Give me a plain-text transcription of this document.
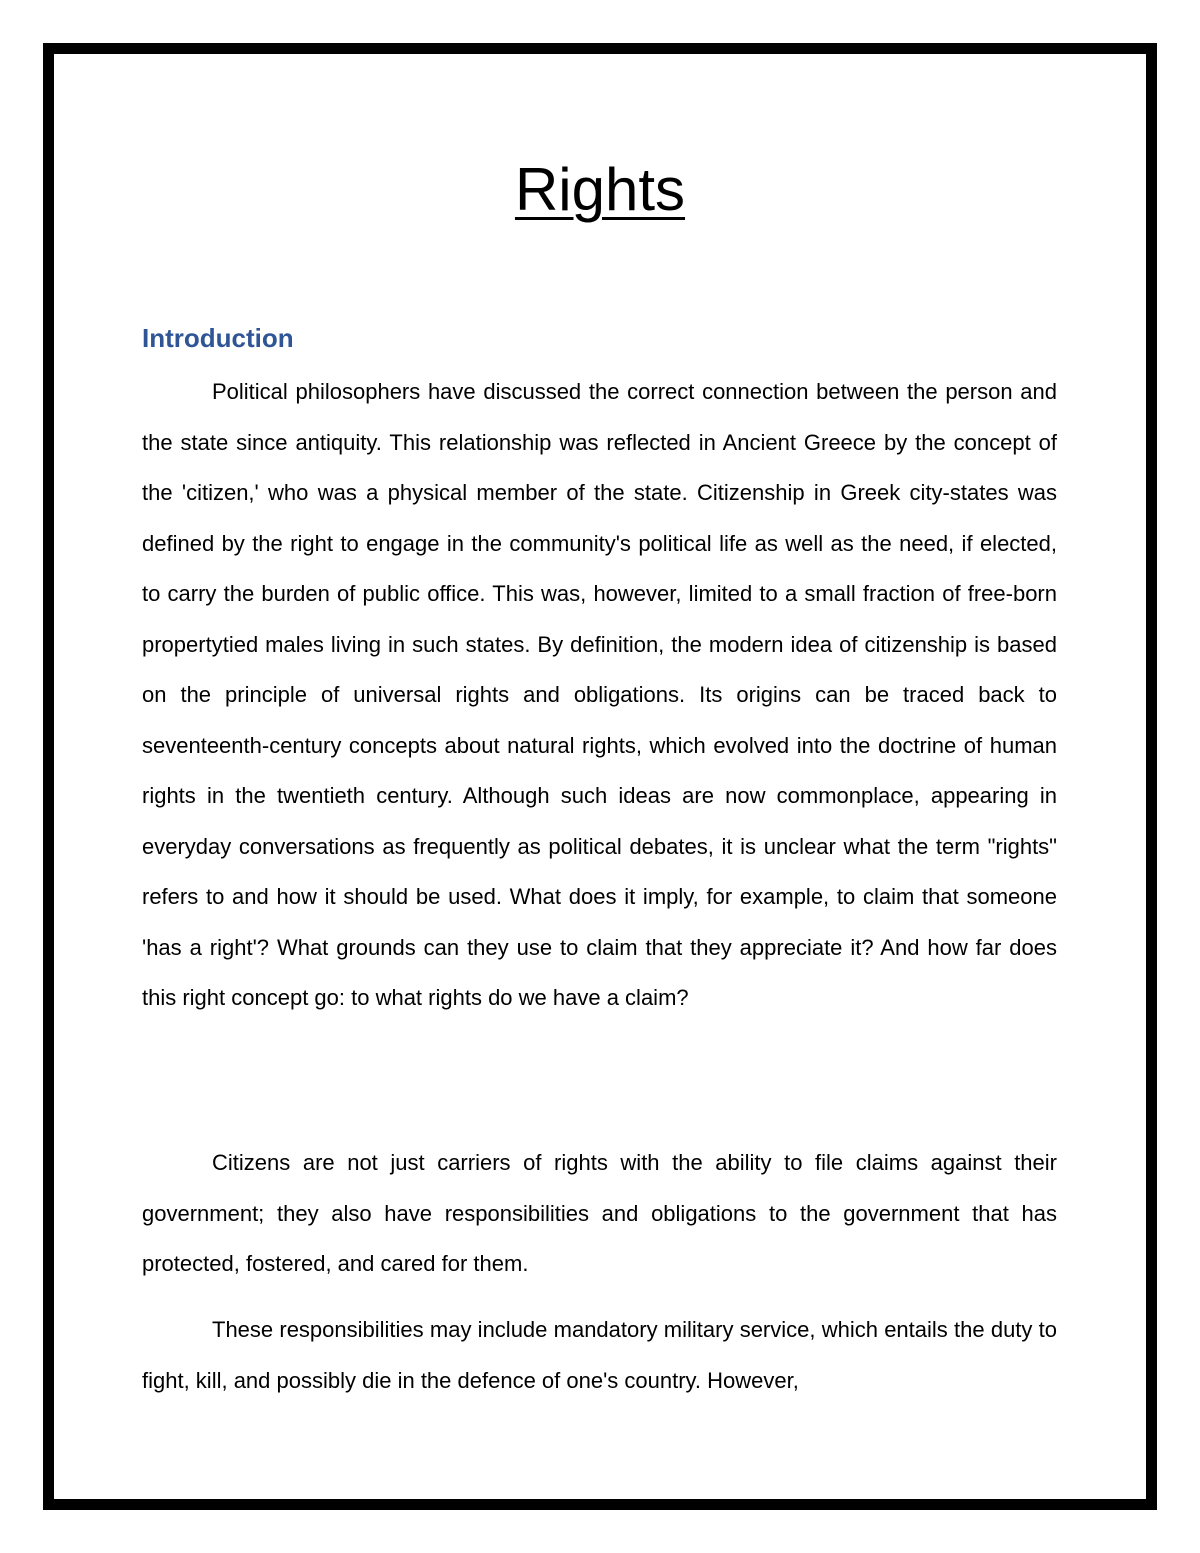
Rights
Introduction

Political philosophers have discussed the correct connection between the person and the state since antiquity. This relationship was reflected in Ancient Greece by the concept of the 'citizen,' who was a physical member of the state. Citizenship in Greek city-states was defined by the right to engage in the community's political life as well as the need, if elected, to carry the burden of public office. This was, however, limited to a small fraction of free-born propertytied males living in such states. By definition, the modern idea of citizenship is based on the principle of universal rights and obligations. Its origins can be traced back to seventeenth-century concepts about natural rights, which evolved into the doctrine of human rights in the twentieth century. Although such ideas are now commonplace, appearing in everyday conversations as frequently as political debates, it is unclear what the term "rights" refers to and how it should be used. What does it imply, for example, to claim that someone 'has a right'? What grounds can they use to claim that they appreciate it? And how far does this right concept go: to what rights do we have a claim?

Citizens are not just carriers of rights with the ability to file claims against their government; they also have responsibilities and obligations to the government that has protected, fostered, and cared for them.

These responsibilities may include mandatory military service, which entails the duty to fight, kill, and possibly die in the defence of one's country. However,
